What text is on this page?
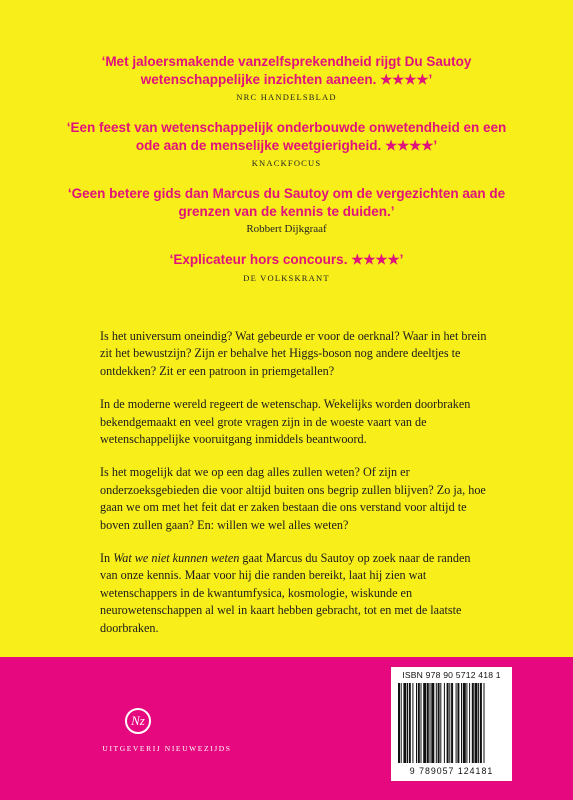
‘Met jaloersmakende vanzelfsprekendheid rijgt Du Sautoy wetenschappelijke inzichten aaneen. ★★★★’

NRC HANDELSBLAD

‘Een feest van wetenschappelijk onderbouwde onwetendheid en een ode aan de menselijke weetgierigheid. ★★★★’

KNACKFOCUS

‘Geen betere gids dan Marcus du Sautoy om de vergezichten aan de grenzen van de kennis te duiden.’

Robbert Dijkgraaf

‘Explicateur hors concours. ★★★★’

DE VOLKSKRANT

Is het universum oneindig? Wat gebeurde er voor de oerknal? Waar in het brein zit het bewustzijn? Zijn er behalve het Higgs-boson nog andere deeltjes te ontdekken? Zit er een patroon in priemgetallen?

In de moderne wereld regeert de wetenschap. Wekelijks worden doorbraken bekendgemaakt en veel grote vragen zijn in de woeste vaart van de wetenschappelijke vooruitgang inmiddels beantwoord.

Is het mogelijk dat we op een dag alles zullen weten? Of zijn er onderzoeksgebieden die voor altijd buiten ons begrip zullen blijven? Zo ja, hoe gaan we om met het feit dat er zaken bestaan die ons verstand voor altijd te boven zullen gaan? En: willen we wel alles weten?

In Wat we niet kunnen weten gaat Marcus du Sautoy op zoek naar de randen van onze kennis. Maar voor hij die randen bereikt, laat hij zien wat wetenschappers in de kwantumfysica, kosmologie, wiskunde en neurowetenschappen al wel in kaart hebben gebracht, tot en met de laatste doorbraken.

Nz
UITGEVERIJ NIEUWEZIJDS
ISBN 978 90 5712 418 1
9 789057 124181
